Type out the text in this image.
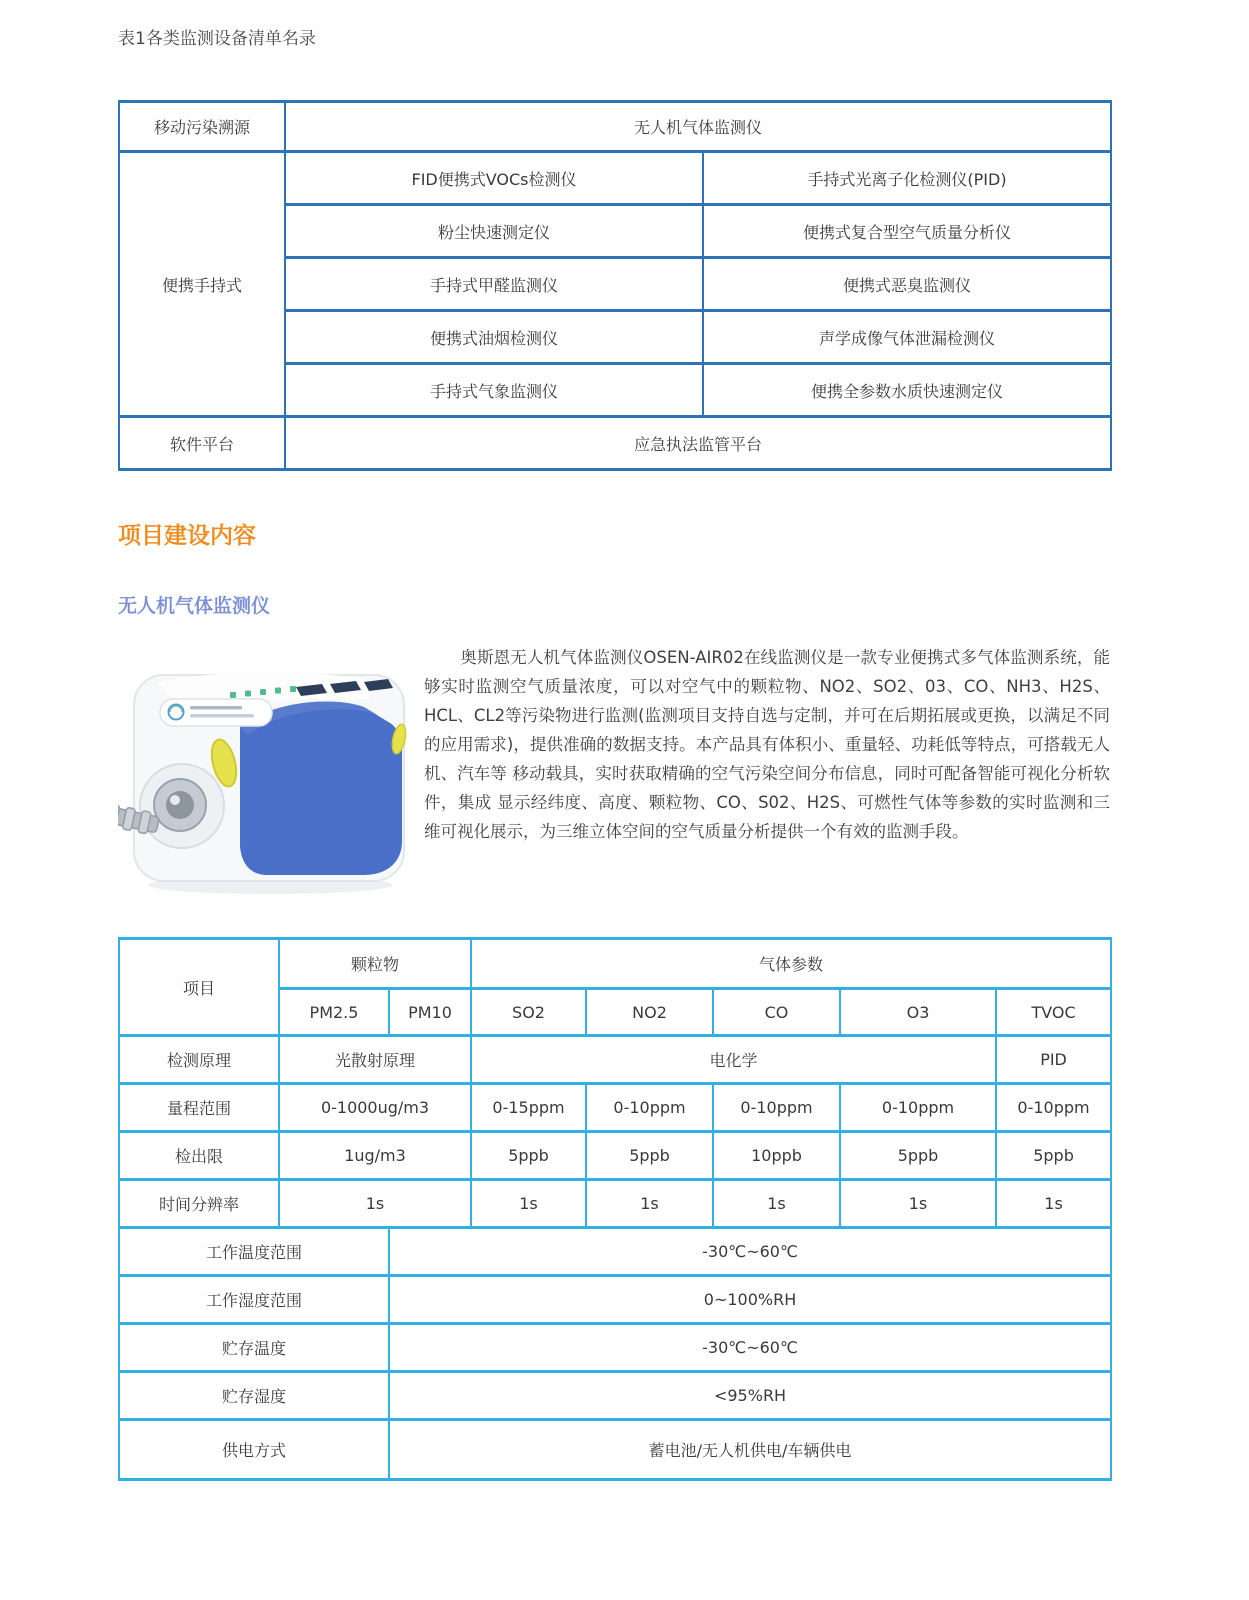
表1各类监测设备清单名录

移动污染溯源	无人机气体监测仪	
便携手持式	FID便携式VOCs检测仪	手持式光离子化检测仪(PID)
	粉尘快速测定仪	便携式复合型空气质量分析仪
	手持式甲醛监测仪	便携式恶臭监测仪
	便携式油烟检测仪	声学成像气体泄漏检测仪
	手持式气象监测仪	便携全参数水质快速测定仪
软件平台	应急执法监管平台	
项目建设内容
无人机气体监测仪

奥斯恩无人机气体监测仪OSEN-AIR02在线监测仪是一款专业便携式多气体监测系统，能够实时监测空气质量浓度，可以对空气中的颗粒物、NO2、SO2、03、CO、NH3、H2S、HCL、CL2等污染物进行监测(监测项目支持自选与定制，并可在后期拓展或更换，以满足不同的应用需求)，提供准确的数据支持。本产品具有体积小、重量轻、功耗低等特点，可搭载无人机、汽车等 移动载具，实时获取精确的空气污染空间分布信息，同时可配备智能可视化分析软件，集成 显示经纬度、高度、颗粒物、CO、S02、H2S、可燃性气体等参数的实时监测和三维可视化展示，为三维立体空间的空气质量分析提供一个有效的监测手段。

项目	颗粒物		气体参数				
	PM2.5	PM10	SO2	NO2	CO	O3	TVOC
检测原理	光散射原理		电化学				PID
量程范围	0-1000ug/m3		0-15ppm	0-10ppm	0-10ppm	0-10ppm	0-10ppm
检出限	1ug/m3		5ppb	5ppb	10ppb	5ppb	5ppb
时间分辨率	1s		1s	1s	1s	1s	1s
工作温度范围		-30℃~60℃					
工作湿度范围		0~100%RH					
贮存温度		-30℃~60℃					
贮存湿度		<95%RH					
供电方式		蓄电池/无人机供电/车辆供电					
